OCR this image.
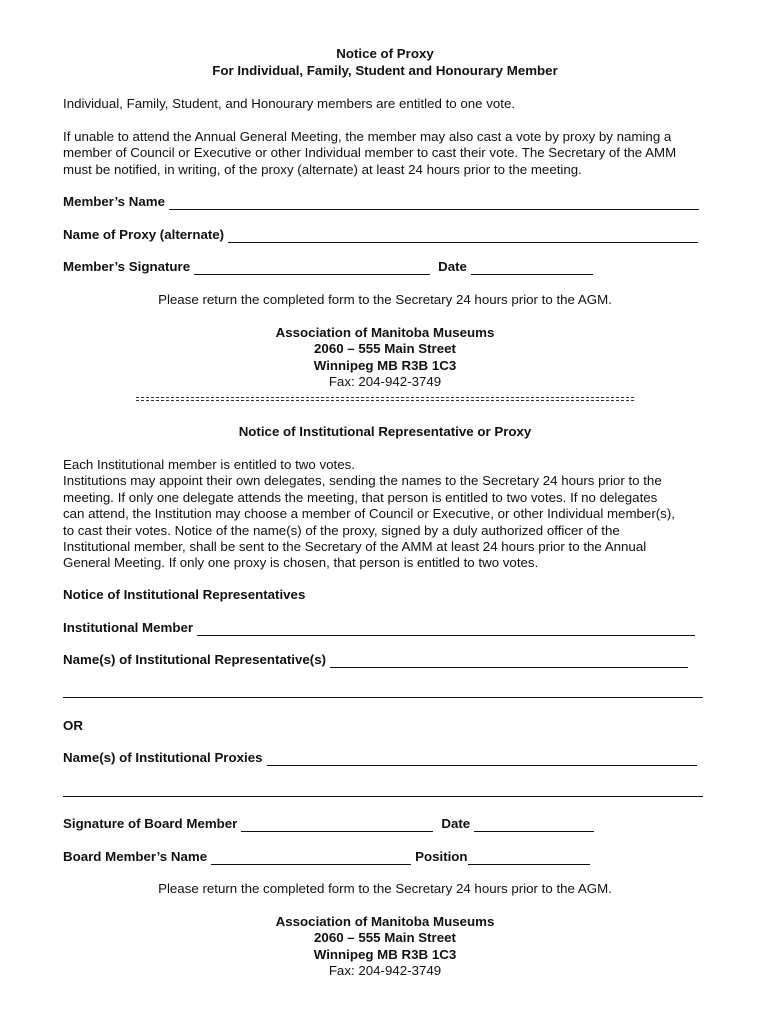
Notice of Proxy
For Individual, Family, Student and Honourary Member
Individual, Family, Student, and Honourary members are entitled to one vote.
If unable to attend the Annual General Meeting, the member may also cast a vote by proxy by naming a
member of Council or Executive or other Individual member to cast their vote. The Secretary of the AMM
must be notified, in writing, of the proxy (alternate) at least 24 hours prior to the meeting.
Member’s Name
Name of Proxy (alternate)
Member’s Signature	Date
Please return the completed form to the Secretary 24 hours prior to the AGM.
Association of Manitoba Museums
2060 – 555 Main Street
Winnipeg MB R3B 1C3
Fax: 204-942-3749
Notice of Institutional Representative or Proxy
Each Institutional member is entitled to two votes.
Institutions may appoint their own delegates, sending the names to the Secretary 24 hours prior to the
meeting. If only one delegate attends the meeting, that person is entitled to two votes. If no delegates
can attend, the Institution may choose a member of Council or Executive, or other Individual member(s),
to cast their votes. Notice of the name(s) of the proxy, signed by a duly authorized officer of the
Institutional member, shall be sent to the Secretary of the AMM at least 24 hours prior to the Annual
General Meeting. If only one proxy is chosen, that person is entitled to two votes.
Notice of Institutional Representatives
Institutional Member
Name(s) of Institutional Representative(s)
OR
Name(s) of Institutional Proxies
Signature of Board Member	Date
Board Member’s Name	Position
Please return the completed form to the Secretary 24 hours prior to the AGM.
Association of Manitoba Museums
2060 – 555 Main Street
Winnipeg MB R3B 1C3
Fax: 204-942-3749
